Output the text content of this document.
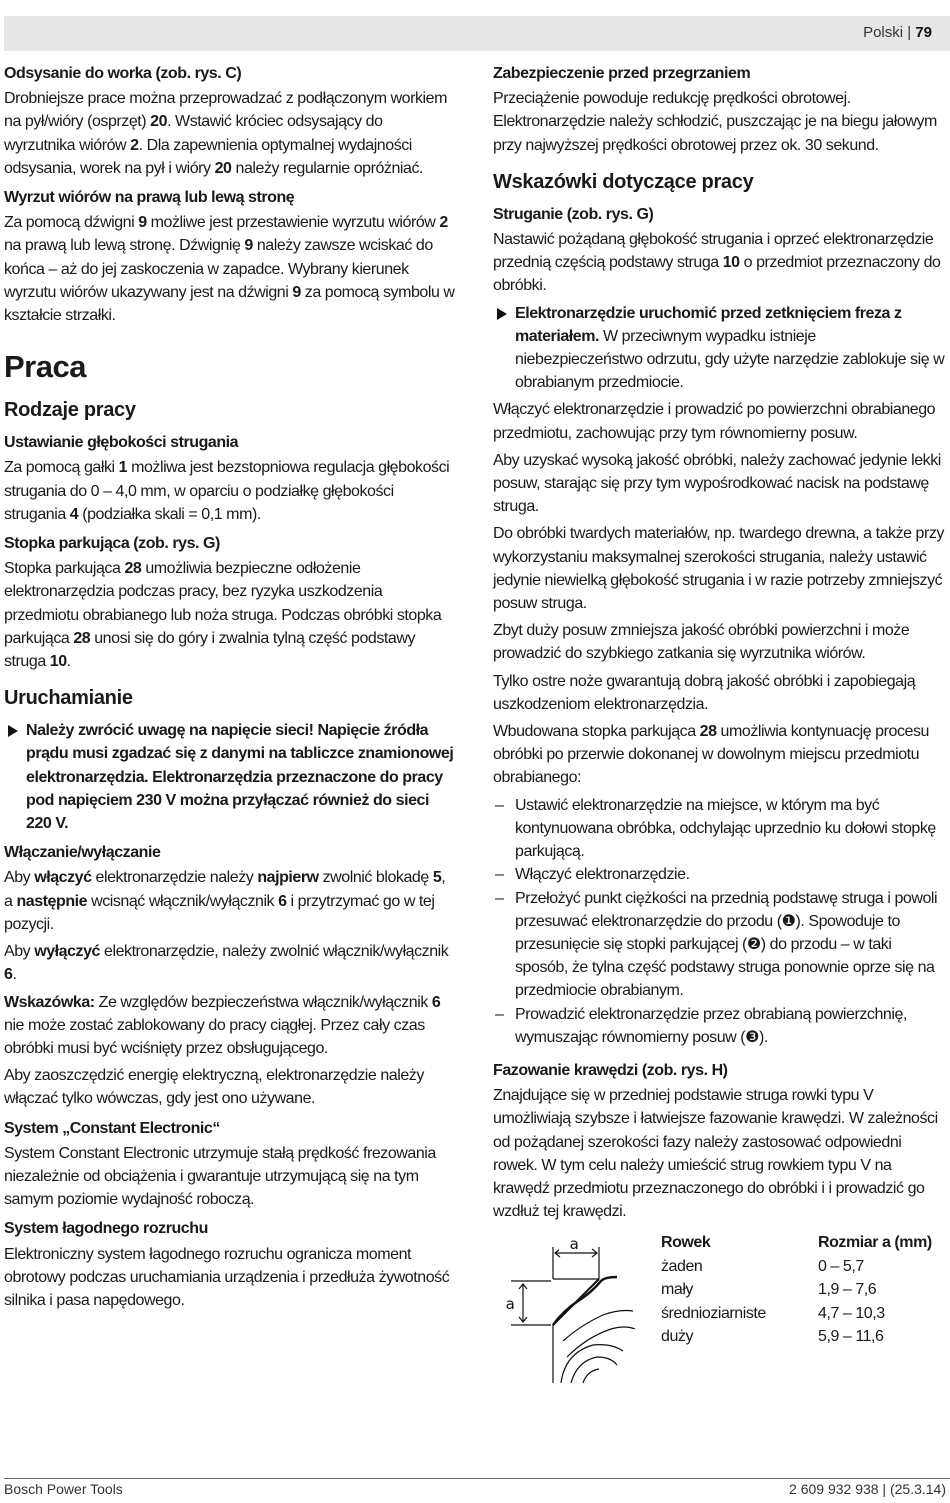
Polski | 79
Odsysanie do worka (zob. rys. C)

Drobniejsze prace można przeprowadzać z podłączonym workiem na pył/wióry (osprzęt) 20. Wstawić króciec odsysający do wyrzutnika wiórów 2. Dla zapewnienia optymalnej wydajności odsysania, worek na pył i wióry 20 należy regularnie opróżniać.

Wyrzut wiórów na prawą lub lewą stronę

Za pomocą dźwigni 9 możliwe jest przestawienie wyrzutu wiórów 2 na prawą lub lewą stronę. Dźwignię 9 należy zawsze wciskać do końca – aż do jej zaskoczenia w zapadce. Wybrany kierunek wyrzutu wiórów ukazywany jest na dźwigni 9 za pomocą symbolu w kształcie strzałki.

Praca
Rodzaje pracy
Ustawianie głębokości strugania

Za pomocą gałki 1 możliwa jest bezstopniowa regulacja głębokości strugania do 0 – 4,0 mm, w oparciu o podziałkę głębokości strugania 4 (podziałka skali = 0,1 mm).

Stopka parkująca (zob. rys. G)

Stopka parkująca 28 umożliwia bezpieczne odłożenie elektronarzędzia podczas pracy, bez ryzyka uszkodzenia przedmiotu obrabianego lub noża struga. Podczas obróbki stopka parkująca 28 unosi się do góry i zwalnia tylną część podstawy struga 10.

Uruchamianie
Należy zwrócić uwagę na napięcie sieci! Napięcie źródła prądu musi zgadzać się z danymi na tabliczce znamionowej elektronarzędzia. Elektronarzędzia przeznaczone do pracy pod napięciem 230 V można przyłączać również do sieci 220 V.
Włączanie/wyłączanie

Aby włączyć elektronarzędzie należy najpierw zwolnić blokadę 5, a następnie wcisnąć włącznik/wyłącznik 6 i przytrzymać go w tej pozycji.

Aby wyłączyć elektronarzędzie, należy zwolnić włącznik/wyłącznik 6.

Wskazówka: Ze względów bezpieczeństwa włącznik/wyłącznik 6 nie może zostać zablokowany do pracy ciągłej. Przez cały czas obróbki musi być wciśnięty przez obsługującego.

Aby zaoszczędzić energię elektryczną, elektronarzędzie należy włączać tylko wówczas, gdy jest ono używane.

System „Constant Electronic“

System Constant Electronic utrzymuje stałą prędkość frezowania niezależnie od obciążenia i gwarantuje utrzymującą się na tym samym poziomie wydajność roboczą.

System łagodnego rozruchu

Elektroniczny system łagodnego rozruchu ogranicza moment obrotowy podczas uruchamiania urządzenia i przedłuża żywotność silnika i pasa napędowego.

Zabezpieczenie przed przegrzaniem

Przeciążenie powoduje redukcję prędkości obrotowej. Elektronarzędzie należy schłodzić, puszczając je na biegu jałowym przy najwyższej prędkości obrotowej przez ok. 30 sekund.

Wskazówki dotyczące pracy
Struganie (zob. rys. G)

Nastawić pożądaną głębokość strugania i oprzeć elektronarzędzie przednią częścią podstawy struga 10 o przedmiot przeznaczony do obróbki.

Elektronarzędzie uruchomić przed zetknięciem freza z materiałem. W przeciwnym wypadku istnieje niebezpieczeństwo odrzutu, gdy użyte narzędzie zablokuje się w obrabianym przedmiocie.

Włączyć elektronarzędzie i prowadzić po powierzchni obrabianego przedmiotu, zachowując przy tym równomierny posuw.

Aby uzyskać wysoką jakość obróbki, należy zachować jedynie lekki posuw, starając się przy tym wypośrodkować nacisk na podstawę struga.

Do obróbki twardych materiałów, np. twardego drewna, a także przy wykorzystaniu maksymalnej szerokości strugania, należy ustawić jedynie niewielką głębokość strugania i w razie potrzeby zmniejszyć posuw struga.

Zbyt duży posuw zmniejsza jakość obróbki powierzchni i może prowadzić do szybkiego zatkania się wyrzutnika wiórów.

Tylko ostre noże gwarantują dobrą jakość obróbki i zapobiegają uszkodzeniom elektronarzędzia.

Wbudowana stopka parkująca 28 umożliwia kontynuację procesu obróbki po przerwie dokonanej w dowolnym miejscu przedmiotu obrabianego:

– Ustawić elektronarzędzie na miejsce, w którym ma być kontynuowana obróbka, odchylając uprzednio ku dołowi stopkę parkującą.
– Włączyć elektronarzędzie.
– Przełożyć punkt ciężkości na przednią podstawę struga i powoli przesuwać elektronarzędzie do przodu (❶). Spowoduje to przesunięcie się stopki parkującej (❷) do przodu – w taki sposób, że tylna część podstawy struga ponownie oprze się na przedmiocie obrabianym.
– Prowadzić elektronarzędzie przez obrabianą powierzchnię, wymuszając równomierny posuw (❸).
Fazowanie krawędzi (zob. rys. H)

Znajdujące się w przedniej podstawie struga rowki typu V umożliwiają szybsze i łatwiejsze fazowanie krawędzi. W zależności od pożądanej szerokości fazy należy zastosować odpowiedni rowek. W tym celu należy umieścić strug rowkiem typu V na krawędź przedmiotu przeznaczonego do obróbki i i prowadzić go wzdłuż tej krawędzi.

a
a
Rowek	Rozmiar a (mm)
żaden	0 – 5,7
mały	1,9 – 7,6
średnioziarniste	4,7 – 10,3
duży	5,9 – 11,6
Bosch Power Tools	2 609 932 938 | (25.3.14)
